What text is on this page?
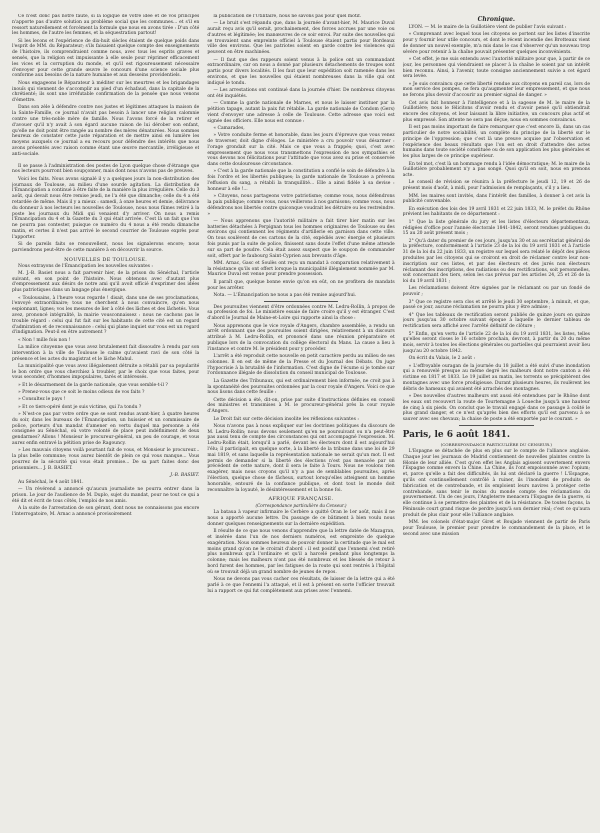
Ce n'est donc pas notre faute, si la logique de votre idée et de vos principes n'apporte pas d'autre solution au problème social que les communes... et s'il en ressort naturellement et forcément la formule que nous en avons tirée : D'un côté les hommes, de l'autre les femmes, et la séquestration partout!

Si les lecons et l'expérience de dix-huit siècles étaient de quelque poids dans l'esprit de MM. du Réparateur; s'ils faisaient quelque compte des enseignements de l'histoire, ils comprendraient comme nous, avec tous les esprits graves et sensés, que la religion est impuissante à elle seule pour réprimer efficacement les vices et la corruption du monde, et qu'il est rigoureusement nécessaire d'envoyer pour cette grande œuvre le concours d'une science sociale plus conforme aux besoins de la nature humaine et aux desseins providentiels.

Nous engageons le Réparateur à méditer sur les meurtres et les brigandages inouïs qui viennent de s'accomplir au pied d'un échafaud, dans la capitale de la chrétienté; ils sont une irréfutable confirmation de la pensée que nous venons d'émettre.

Dans son zèle à défendre contre nos justes et légitimes attaques la maison de la Sainte-Famille, ce journal n'avait pas besoin à lancer une religion calomnie contre une très-noble mère de famille. Nous l'avons forcé de la retirer et d'avouer qu'il n'y avait à son égard aucune raison de lui dérober son enfant, qu'elle ne doit point être rangée au nombre des mères dénaturées. Nous sommes heureux de constater cette juste réparation et de mettre ainsi en lumière les moyens auxquels ce journal a eu recours pour défendre des intérêts que nous avons présentés avec raison comme étant une œuvre mercantile, irréligieuse et anti-sociale.

Il se passe à l'administration des postes de Lyon quelque chose d'étrange que nos lecteurs pourront bien soupçonner, mais dont nous n'avons pas de preuves.

Voici les faits. Nous avons signalé il y a quelques jours la non-distribution des journaux de Toulouse, au milieu d'une sourde agitation. La distribution de l'Émancipation a continué à être faite de la manière la plus irrégulière. Celle du 3 août, qui devait nous être remise jeudi, ne l'a été que dimanche; celle du 4 a été retardée de même. Mais il y a mieux : samedi, à onze heures et demie, délivrance du donneur à nos lecteurs les nouvelles de Toulouse, nous nous fûmes retiré à la poste les journaux du Midi qui venaient d'y arriver. On nous a remis l'Émancipation du 4 et la Gazette du 3 qui était arrivée. C'est là un fait que l'on ne pourra pas contester, puisque ce numéro du 4 nous a été rendu dimanche matin, et certes il n'est pas arrivé le second courrier de Toulouse exprès pour l'apporter.

Si de pareils faits se renouvellent, nous les signalerons encore; nous parviendrons peut-être de cette manière à en découvrir la source.

NOUVELLES DE TOULOUSE.

Nous extrayons de l'Émancipation les nouvelles suivantes :

M. J.-B. Basiet nous a fait parvenir hier, de la prison du Sénéchal, l'article suivant, en son point de l'histoire. Nous obtenons avec d'autant plus d'empressement aux désirs de notre ami qu'il avoit officié d'exprimer des idées plus patriotiques dans un langage plus énergique.

« Toulousains, à l'heure vous regarde ! disait, dans une de ses proclamations, l'envoyé extraordinaire; tous ne cherchent à nous convaincre, qu'en nous espionnant, lignes; vos les mesures de lier à côté des lâches et des lâchetés. Vous avez, prononcé intégralité, la mairie vousconnaissez : nous ne cachons pas le trouble régard : celui qui fut fait sur les habitants de cette cité est un regard d'admiration et de reconnaissance : celui qui plane inquiet sur vous est un regard d'indignation. Peut-il en être autrement ?

« Non ! mille fois non !

La milice citoyenne que vous avez brutalement fait dissoudre à rendu par son intervention à la ville de Toulouse le calme qu'avaient ravi de son côté la présence et les actes du magistrat et le lâche Mahul.

La municipalité que vous avez illégalement détruite a rétabli par sa popularité le bon ordre que vous cherchiez à troubler, par le choix que vous faites, pour vous seconder, d'hommes impopulaires, tarés et intéressés.

» Et le désarmement de la garde nationale, que vous semble-t-il ?

» Prenez-vous que ce soit le moins odieux de vos faits ?

» Consultez le pays !

» Et ce tiers-opéré dont je suis victime, qui l'a tondu ?

» N'est-ce pas par votre ordre que se sont rendus avant-hier, à quatre heures du soir, dans les bureaux de l'Émancipation, un huissier et un commissaire de police, porteurs d'un mandat d'amener en vertu duquel ma personne a été consignée au Sénéchal, où votre volonté de place peut indéfiniment de deux gendarmes? Allons ! Monsieur le procureur-général, un peu de courage, et vous aurez enfin entravé la pétition prise de Ragouncy.

» Les mauvais citoyens voilà pourtant fait de vous, et Monsieur le procureur... la plus belle commune; vous aurez bientôt de plein ce qui vous manque... Vous pourrez de la sécurité qui vous était promise... De sa part faites donc des prisonniers... J. B. BASIET.

J.-B. BASIET.

Au Sénéchal, le 4 août 1841.

— Un révérend a annoncé qu'aucun journaliste ne pourra entrer dans la prison. Le jour de l'audience de M. Duplo, sujet du mandat, pour ne tout ce qui a été dit et écrit de tous côtés, l'emploi de nos amis.

A la suite de l'arrestation de son gérant, dont nous ne connaissons pas encore l'interrogatoire, M. Arnac a annoncé provisoirement

la publication de l'Utilitaire, nous ne savons pas pour quel motif.

— Le bruit s'est répandu que, dans la journée d'avant-hier, M. Maurice Duval aurait reçu avis qu'il serait, prochainement, des forces accrues par une voie ou d'autres et légitimée; les manœuvres de ce soir envoi. Par suite des nouvelles qui se trouvaient sans empreinte officiel à Toulouse étaient partis pour Bordeaux ville des environs. Que les patriotes soient en garde contre les violences qui peuvent en être machinées.

— Il faut que des rappeurs soient venus à la police ont un commandant extraordinaire, car on nous a donné par plusieurs détachements de troupes sont partis pour divers localités. Il les faut que leur expédition soit ramenée dans les environs, et que les nouvelles qui étaient nombreuses dans la ville qui ont indiqué le tondu.

— Les arrestations ont continué dans la journée d'hier. De nombreux citoyens ont été inquiétés.

— Comme la garde nationale de Marnes, et nous le laisser instituer par la pétition tapage, autant la paix fut rétablie. La garde nationale de Condom (Gers) vient d'envoyer une adresse à celle de Toulouse. Cette adresse que voici est signée des officiers. Elle nous est connue :

« Camarades,

» Votre conduite ferme et honorable, dans les jours d'épreuve que vous venez de traverser, doit digne d'éloges. Le ministère a cru pouvoir vous désarmer : l'orage grondait sur la cité. Mais ce que vous a frappés; quoi, c'est avec empressement que nous vous transmettons l'expression de nos sympathies et vous devons nos félicitations pour l'attitude que vous avez su prise et conservée dans cette douloureuse circonstance.

» C'est à la garde nationale que la constitution a confié le soin de défendre à la fois l'ordre et les libertés publiques; la garde nationale de Toulouse a prévenu l'effusion du sang, a rétabli la tranquillité... Elle a ainsi fidèle à sa devise : honneur à elle !...

» Citoyens, nous partageons votre patriotisme; comme vous, nous défendrons la paix publique; comme vous, nous veillerons à nos garnisons; comme vous, nous défendrons nos libertés contre quiconque voudrait les détruire ou les restreindre. »

— Nous apprenons que l'autorité militaire a fait tirer hier matin sur les batteries détachées à Perpignan tous les hommes originaires de Toulouse ou des environs qui contiennent les régiments d'artillerie en garnison dans cette ville. On tous soulèvent de ces cartons de la cité, expédiés avec énergie et plusieurs fois punis par la suite de police, finissent sans doute l'effet d'une même attende sur sa part de poudre. Cela était assez suspect que le soupçon de commander soit, offert par le faubourg Saint-Cyprien aux brevants d'âge.

MM. Arnac, Gasc et Soulès ont reçu un mandat à comparution relativement à la résistance qu'ils ont offert lorsque la municipalité illégalement nommée par M. Maurice Duval est venue pour prendre possession.

Il paraît que, quelque bonne envie qu'on en eût, on ne profitera de mandats pour les arrêter.

Nota. — L'Émancipation ne nous a pas été remise aujourd'hui.

Des poursuites viennent d'être ordonnées contre M. Ledru-Rollin, à propos de sa profession de foi. Le ministère essaie de faire croire qu'il y est étranger. C'est d'abord le Journal de Maine-et-Loire qui rapporte ainsi la chose :

Nous apprenons que le vice royale d'Angers, chambre assemblée, a rendu un arrêt ordonnant que des poursuites soient dirigées, relativement à un discours attribué à M. Ledru-Rollin, et prononcé dans une réunion préparatoire et publique lors de la convocation du collège électoral du Mans. La cause a lieu à l'instance et contre M. le président pour y procéder.

L'arrêt a été reproduit cette nouvelle en petit caractère perdu au milieu de ses colonnes. Il en est de même de la Presse et du Journal des Débats. On juge l'hypocrisie à la brutalité de l'information. C'est digne de l'écume si je tombe sur l'ordonnance illégale de dissolution du conseil municipal de Toulouse.

La Gazette des Tribunaux, qui est ordinairement bien informée, ne croit pas à la spontanéité des poursuites ordonnées par la cour royale d'Angers. Voici ce que nous lisons dans cette feuille :

Cette décision a été, dit-on, prise par suite d'instructions définies en conseil des ministres et transmises à M. le procureur-général près la cour royale d'Angers.

Le Droit fait sur cette décision insolite les réflexions suivantes :

Nous n'avons pas à nous expliquer sur les doctrines politiques du discours de M. Ledru-Rollin; nous devons seulement qu'en ne poursuivant ou n'a peut-être pas aussi tenu de compte des circonstances qui ont accompagné l'expression. M. Ledru-Rollin était, lorsqu'il a parlé, devant les électeurs dont il est aujourd'hui l'élu; il participait, en quelque sorte, à la liberté de la tribune dans une loi de 29 mai 1819, et sans laquelle la représentation nationale ne serait qu'un mot. Il est permis de demander si la liberté des élections n'est pas menacée par un précédent de cette nature, dont il sera le faite à Tours. Nous ne voulons rien exagérer, mais nous croyons qu'il n'y a pas de semblables poursuites, après l'élection, quelque chose de fâcheux, surtout lorsqu'elles atteignent un homme honorable, entouré de la confiance publique, et dont tout le monde doit reconnaître la loyauté, le désintéressement et la bonne foi.

AFRIQUE FRANÇAISE.
(Correspondance particulière du Censeur.)

La bataua à vapeur infirmaire le Cerbère a quitté Oran le 1er août, mais il ne nous a apporté aucune lettre. Du passage de ce bâtiment à bien voulu nous donner quelques renseignements sur la dernière expédition.

Il résulte de ce que nous venons d'apprendre que la lettre datée de Mazagran, et insérée dans l'un de nos derniers numéros, est empreinte de quelque exagération. Nous sommes heureux de pouvoir donner la certitude que le mal est moins grand qu'on ne le croirait d'abord : il est positif que l'ennemi s'est retiré plus nombreux qu'à l'ordinaire et qu'il a harcelé pendant plus longtemps la colonne; mais les malheurs n'ont pas été nombreux et les blessés de retour à bord furent des hommes, par les fatigues de la route qui sont rentrés à l'hôpital où se trouvait déjà un grand nombre de jeunes de repos.

Nous ne devons pas vous cacher ces résultats, de laisser de la lettre qui a été parlé à ce que l'ennemi l'a attaqué, et il est à présent en sorte l'officier trouvait lui a rapport ce qui fut complètement aux prises avec l'ennemi.

Chronique.

LYON. — M. le maire de la Guillotière vient de publier l'avis suivant :

« Comprenant avec lequel tous les citoyens se portent sur les listes d'inscrite pour y fournir leur utile concours, et dont le récent incendie des Brotteaux vient de donner un nouvel exemple, m'a mis dans le cas d'observer qu'un nouveau trop sévère pour retenir à la chaîne pouvait présenter quelques inconvénients.

» Cet effet, je me suis entendu avec l'autorité militaire pour que, à partir de ce jour, les personnes qui viendraient se placer à la chaîne le soient par un intérêt bien reconnu. Ainsi, à l'avenir, toute consigne anciennement suivie a cet égard sera levée.

» Je suis convaincu que cette liberté rendue aux citoyens en pareil cas, lors de mon service des pompes, ne fera qu'augmenter leur empressement, et que nous ne ferons plus devoir d'accourir au premier signal de danger. »

Cet avis fait honneur à l'intelligence et à la sagesse de M. le maire de la Guillotière; nous le félicitons d'avoir rendu et d'avoir pensé qu'il obtiendrait encore des citoyens, et leur laissant la libre initiative, un concours plus actif et plus empressé. Son attente ne sera pas déçue, nous en sommes convaincus.

Il est pas moins important de faire remarquer que c'est encore là, dans un cas particulier de notre sociabilité, un complète du principe de la liberté sur le principe de l'oppression; que c'est là une preuve acquise par l'observation et l'expérience des beaux résultats que l'on est en droit d'attendre des actes humains dans toute société constituée ou de son application les plus générales et les plus larges de ce principe supérieur.

En tel mot, c'est là un hommage rendu à l'idée démocratique; M. le maire de la Guillotière probablement n'y a pas songé. Quoi qu'il en soit, nous en prenons acte.

Le conseil de révision se réunira à la préfecture le jeudi 12, 19 et 26 de présent mois d'août, à midi, pour l'admission de remplaçants, s'il y a lieu.

MM. les maires sont invités, dans l'intérêt des familles, à donner à cet avis la publicité convenable.

En exécution des lois des 19 avril 1831 et 22 juin 1833, M. le préfet du Rhône prévient les habitants de ce département :

1° Que la liste générale du jury et les listes d'électeurs départementaux, rédigées d'office pour l'année électorale 1841-1842, seront rendues publiques du 15 au 20 août présent mois ;

2° Qu'à dater du premier de ces jours, jusqu'au 30 et au secrétariat général de la préfecture, conformément à l'article 23 de la loi du 19 avril 1831 et à l'article 31 de la loi du 22 juin 1833, un registre sur lequel sera relaté le dépôt des pièces produites par les citoyens qui se croiront en droit de réclamer contre leur non-inscription sur ces listes, et par des électeurs et des jurés non électeurs réclamant des inscriptions, des radiations ou des rectifications, soit personnelles, soit concernant des tiers, selon les cas prévus par les articles 24, 25 et 26 de la loi du 19 avril 1831 ;

Les réclamations doivent être signées par le réclamant ou par un fondé de pouvoir ;

3° Que ce registre sera clos et arrêté le jeudi 30 septembre, à minuit, et que, passé ce jour, aucune réclamation ne pourra plus y être admise ;

4° Que les tableaux de rectification seront publiés de quinze jours en quinze jours jusqu'au 30 octobre suivant époque à laquelle le dernier tableau de rectification sera affiché avec l'arrêté définitif de clôture ;

5° Enfin, qu'en vertu de l'article 22 de la loi du 19 avril 1831, les listes, telles qu'elles seront closes le 16 octobre prochain, devront, à partir du 20 du même mois, servir à toutes les élections générales ou partielles qui pourraient avoir lieu jusqu'au 20 octobre 1842.

On écrit du Valais, le 2 août :

« L'effroyable ouragan de la journée du 18 juillet a été suivi d'une inondation qui a renouvelé presque au même degré les malheurs dont notre canton a été victime en 1817 et 1833. Le 19 juillet au matin, les torrents se précipitèrent des montagnes avec une force prodigieuse. Durant plusieurs heures, ils roulèrent les débris de hameaux qui avaient été arrachés des montagnes.

» Des nouvelles d'autres malheurs ont aussi été entendues par le Rhône dont les eaux ont recouvert la route de Tourtemagne à Loueche jusqu'à une hauteur de cinq à six pieds. On conclut que le travail engagé dans ce passage à coûté le plus grand danger, et ce n'est qu'après bien des efforts qu'il est parvenu à se sauver avec ses chevaux; la chaise de poste a été emportée par le courant. »

Paris, le 6 août 1841.
(CORRESPONDANCE PARTICULIÈRE DU CENSEUR.)

L'Espagne se détachée de plus en plus sur le compte de l'alliance anglaise. Chaque jour les journaux de Madrid contiennent de nouvelles plaintes contre la félonie de leur alliée. C'est qu'en effet les Anglais agissent ouvertement envers l'Espagne comme envers la Chine. La Chine, ils l'ont empoisonnée avec l'opium; et, parce qu'elle a fait des difficultés, ils lui ont déclaré la guerre ! L'Espagne, qu'ils ont continuellement contrôlé à ruiner, ils l'inondent de produits de fabrication et de contrebande, et ils emploient leurs navires à protéger cette contrebande, sans tenir le moins du monde compte des réclamations du gouvernement. Un de ces jours, l'Angleterre menacera l'Espagne de la guerre, si elle continue à se permettre des plaintes et de la résistance. De toutes façons, la Péninsule court grand risque de perdre jusqu'à son dernier réal; c'est ce qu'aura produit de plus clair pour elle l'alliance anglaise.

MM. les colonels d'état-major Giret et Boujade viennent de partir de Paris pour Toulouse, le premier pour prendre le commandement de la place, et le second avec une mission
